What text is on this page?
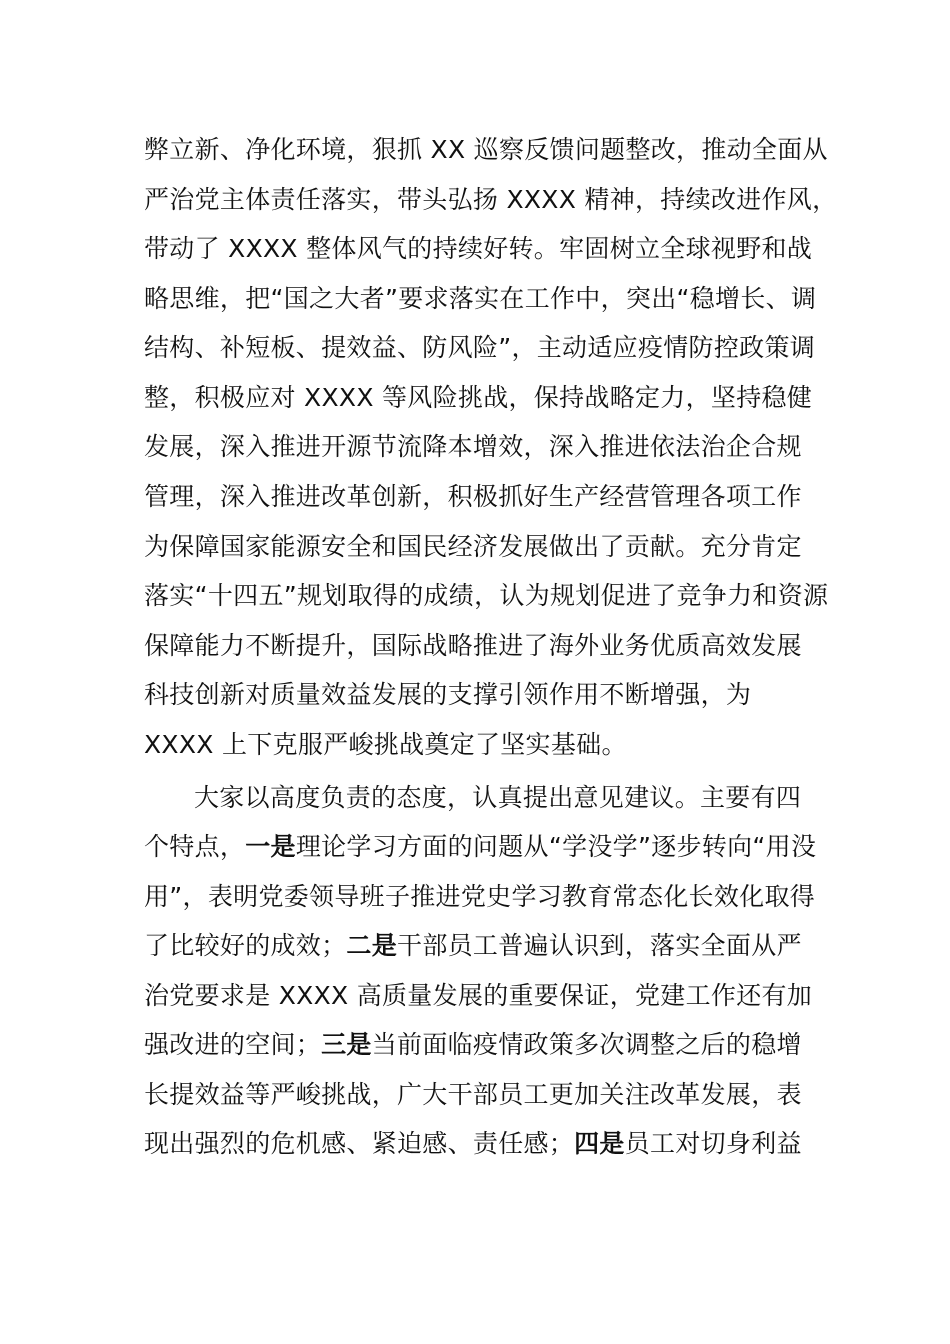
弊立新、净化环境，狠抓 XX 巡察反馈问题整改，推动全面从
严治党主体责任落实，带头弘扬 XXXX 精神，持续改进作风，
带动了 XXXX 整体风气的持续好转。牢固树立全球视野和战
略思维，把“国之大者”要求落实在工作中，突出“稳增长、调
结构、补短板、提效益、防风险”，主动适应疫情防控政策调
整，积极应对 XXXX 等风险挑战，保持战略定力，坚持稳健
发展，深入推进开源节流降本增效，深入推进依法治企合规
管理，深入推进改革创新，积极抓好生产经营管理各项工作
为保障国家能源安全和国民经济发展做出了贡献。充分肯定
落实“十四五”规划取得的成绩，认为规划促进了竞争力和资源
保障能力不断提升，国际战略推进了海外业务优质高效发展
科技创新对质量效益发展的支撑引领作用不断增强，为
XXXX 上下克服严峻挑战奠定了坚实基础。
大家以高度负责的态度，认真提出意见建议。主要有四
个特点，一是理论学习方面的问题从“学没学”逐步转向“用没
用”，表明党委领导班子推进党史学习教育常态化长效化取得
了比较好的成效；二是干部员工普遍认识到，落实全面从严
治党要求是 XXXX 高质量发展的重要保证，党建工作还有加
强改进的空间；三是当前面临疫情政策多次调整之后的稳增
长提效益等严峻挑战，广大干部员工更加关注改革发展，表
现出强烈的危机感、紧迫感、责任感；四是员工对切身利益
